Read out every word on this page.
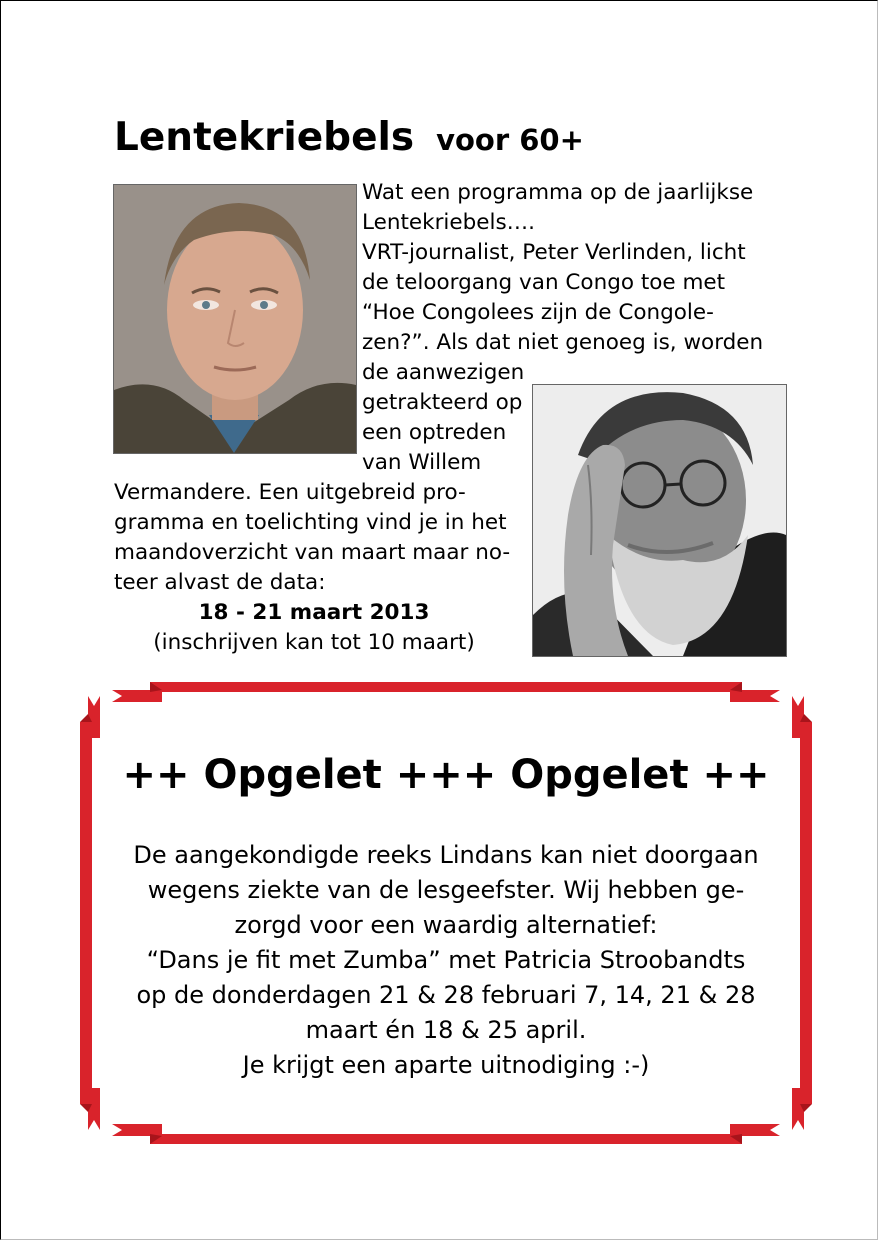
Lentekriebels voor 60+

Wat een programma op de jaarlijkse

Lentekriebels….

VRT-journalist, Peter Verlinden, licht

de teloorgang van Congo toe met

“Hoe Congolees zijn de Congole-

zen?”. Als dat niet genoeg is, worden

de aanwezigen

getrakteerd op

een optreden

van Willem

Vermandere. Een uitgebreid pro-

gramma en toelichting vind je in het

maandoverzicht van maart maar no-

teer alvast de data:

18 - 21 maart 2013

(inschrijven kan tot 10 maart)

++ Opgelet +++ Opgelet ++

De aangekondigde reeks Lindans kan niet doorgaan

wegens ziekte van de lesgeefster. Wij hebben ge-

zorgd voor een waardig alternatief:

“Dans je fit met Zumba” met Patricia Stroobandts

op de donderdagen 21 & 28 februari 7, 14, 21 & 28

maart én 18 & 25 april.

Je krijgt een aparte uitnodiging :-)
